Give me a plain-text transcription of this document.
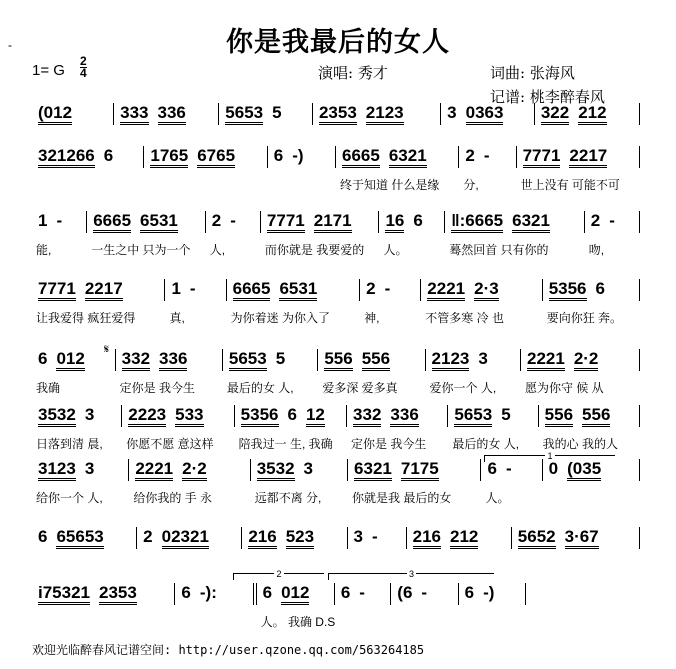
-	你是我最后的女人
1= G
2
4	演唱: 秀才	词曲: 张海风
记谱: 桃李醉春风
𝄋
1
2	3
(012	333 336 5653 5 2353 2123	3 0363 322 212
321266 6 1765 6765 6 -) 6665 6321
终于知道 什么是缘
2 -
分,
7771 2217
世上没有 可能不可
1 -
能,
6665 6531
一生之中 只为一个
2 -
人,
7771 2171
而你就是 我要爱的
16 6
人。
‖:6665 6321
蓦然回首 只有你的
2 -
吻,
7771 2217
让我爱得 疯狂爱得
1 -
真,
6665 6531
为你着迷 为你入了
2 -
神,
2221 2·3
不管多寒 冷 也
5356 6
要向你狂 奔。
6 012
我确
332 336
定你是 我今生
5653 5
最后的女 人,
556 556
爱多深 爱多真
2123 3
爱你一个 人,
2221 2·2
愿为你守 候 从
3532 3
日落到清 晨,
2223 533
你愿不愿 意这样
5356 6 12
陪我过一 生, 我确
332 336
定你是 我今生
5653 5
最后的女 人,
556 556
我的心 我的人
3123 3
给你一个 人,
2221 2·2
给你我的 手 永
3532 3
远都不离 分,
6321 7175
你就是我 最后的女
6 -
人。
0 (035
6 65653 2 02321 216 523 3 - 216 212 5652 3·67
i75321 2353	6 -):	6 012
人。 我确 D.S
6 - (6 - 6 -)
欢迎光临醉春风记谱空间: http://user.qzone.qq.com/563264185
